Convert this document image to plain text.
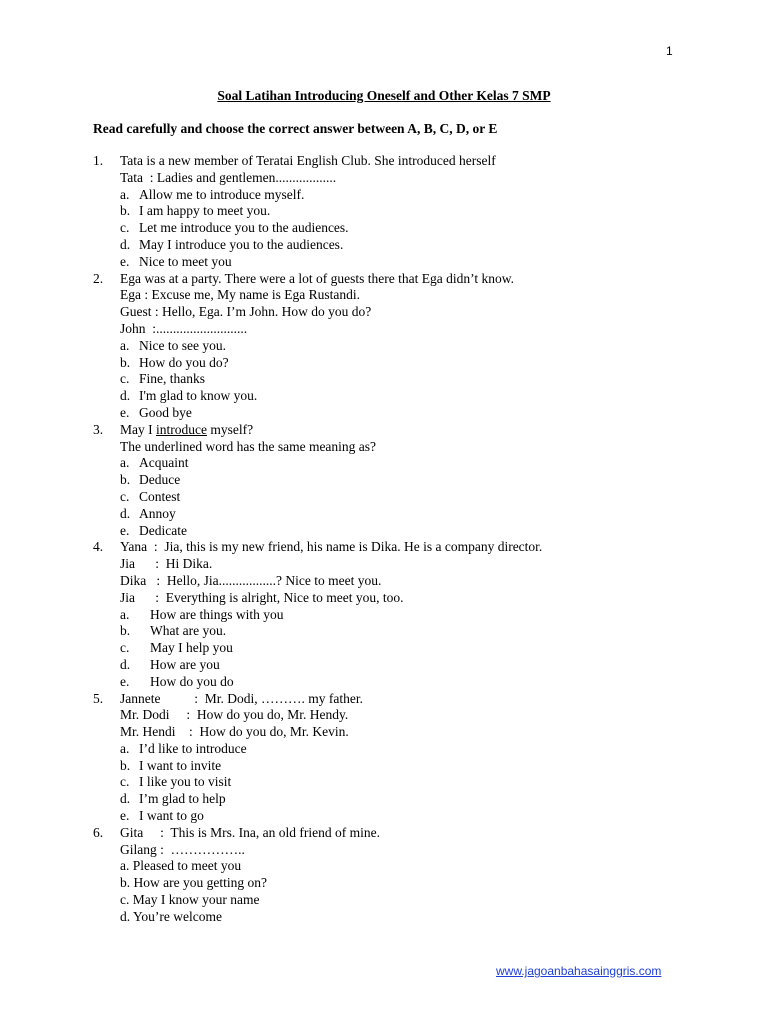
1
Soal Latihan Introducing Oneself and Other Kelas 7 SMP
Read carefully and choose the correct answer between A, B, C, D, or E
1. Tata is a new member of Teratai English Club. She introduced herself
Tata  : Ladies and gentlemen..................
a. Allow me to introduce myself.
b. I am happy to meet you.
c. Let me introduce you to the audiences.
d. May I introduce you to the audiences.
e. Nice to meet you
2. Ega was at a party. There were a lot of guests there that Ega didn’t know.
Ega : Excuse me, My name is Ega Rustandi.
Guest : Hello, Ega. I’m John. How do you do?
John  :...........................
a. Nice to see you.
b. How do you do?
c. Fine, thanks
d. I'm glad to know you.
e. Good bye
3. May I introduce myself?
The underlined word has the same meaning as?
a. Acquaint
b. Deduce
c. Contest
d. Annoy
e. Dedicate
4. Yana  :  Jia, this is my new friend, his name is Dika. He is a company director.
Jia      :  Hi Dika.
Dika   :  Hello, Jia.................? Nice to meet you.
Jia      :  Everything is alright, Nice to meet you, too.
a. How are things with you
b. What are you.
c. May I help you
d. How are you
e. How do you do
5. Jannete          :  Mr. Dodi, ………. my father.
Mr. Dodi     :  How do you do, Mr. Hendy.
Mr. Hendi    :  How do you do, Mr. Kevin.
a. I’d like to introduce
b. I want to invite
c. I like you to visit
d. I’m glad to help
e. I want to go
6. Gita     :  This is Mrs. Ina, an old friend of mine.
Gilang :  ……………..
a. Pleased to meet you
b. How are you getting on?
c. May I know your name
d. You’re welcome
www.jagoanbahasainggris.com
